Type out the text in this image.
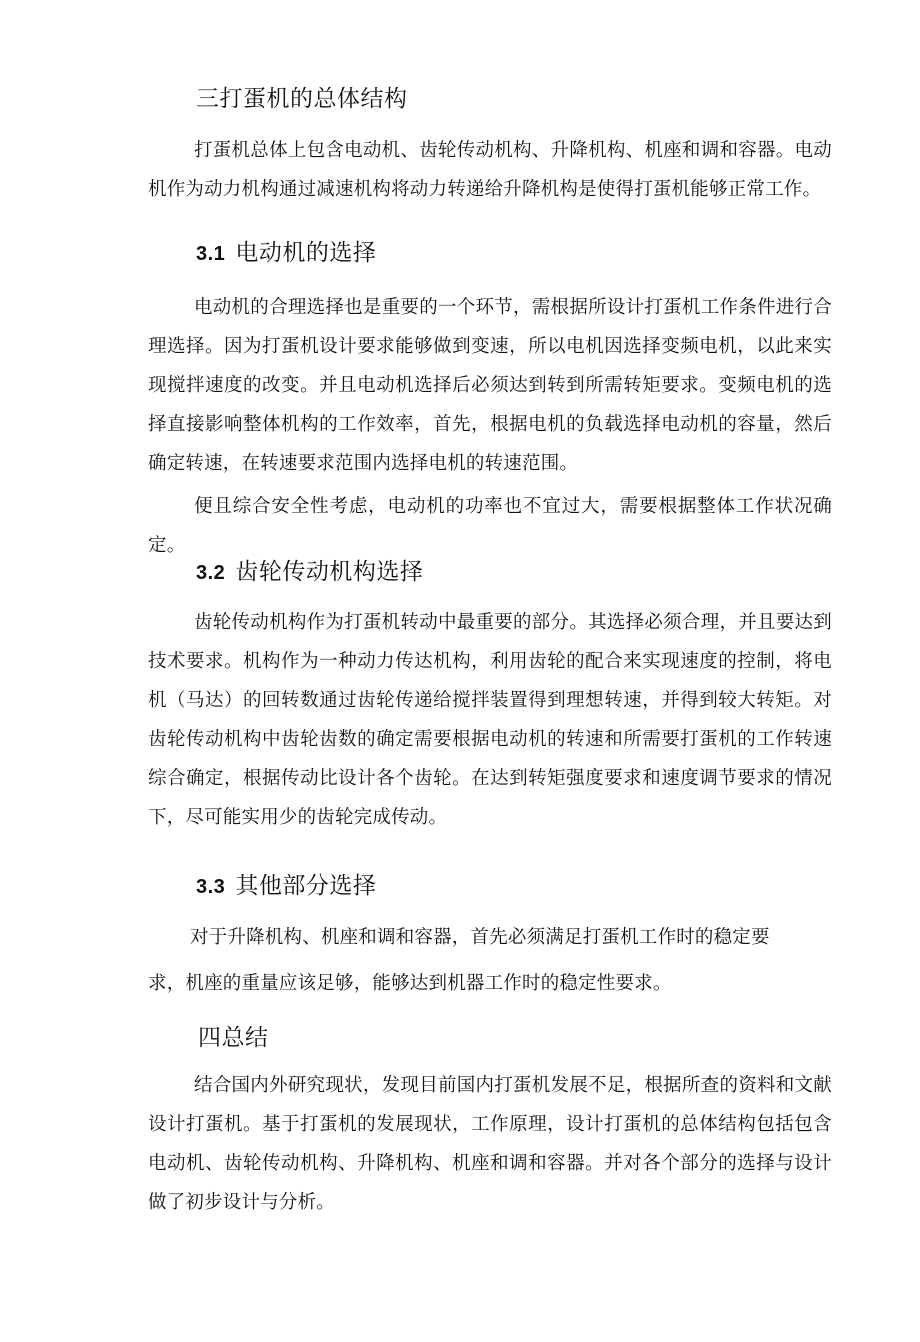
三打蛋机的总体结构
打蛋机总体上包含电动机、齿轮传动机构、升降机构、机座和调和容器。电动机作为动力机构通过减速机构将动力转递给升降机构是使得打蛋机能够正常工作。
3.1 电动机的选择
电动机的合理选择也是重要的一个环节，需根据所设计打蛋机工作条件进行合理选择。因为打蛋机设计要求能够做到变速，所以电机因选择变频电机，以此来实现搅拌速度的改变。并且电动机选择后必须达到转到所需转矩要求。变频电机的选择直接影响整体机构的工作效率，首先，根据电机的负载选择电动机的容量，然后确定转速，在转速要求范围内选择电机的转速范围。
便且综合安全性考虑，电动机的功率也不宜过大，需要根据整体工作状况确定。
3.2 齿轮传动机构选择
齿轮传动机构作为打蛋机转动中最重要的部分。其选择必须合理，并且要达到技术要求。机构作为一种动力传达机构，利用齿轮的配合来实现速度的控制，将电机（马达）的回转数通过齿轮传递给搅拌装置得到理想转速，并得到较大转矩。对齿轮传动机构中齿轮齿数的确定需要根据电动机的转速和所需要打蛋机的工作转速综合确定，根据传动比设计各个齿轮。在达到转矩强度要求和速度调节要求的情况下，尽可能实用少的齿轮完成传动。
3.3 其他部分选择
对于升降机构、机座和调和容器，首先必须满足打蛋机工作时的稳定要
求，机座的重量应该足够，能够达到机器工作时的稳定性要求。
四总结
结合国内外研究现状，发现目前国内打蛋机发展不足，根据所查的资料和文献设计打蛋机。基于打蛋机的发展现状，工作原理，设计打蛋机的总体结构包括包含电动机、齿轮传动机构、升降机构、机座和调和容器。并对各个部分的选择与设计做了初步设计与分析。
